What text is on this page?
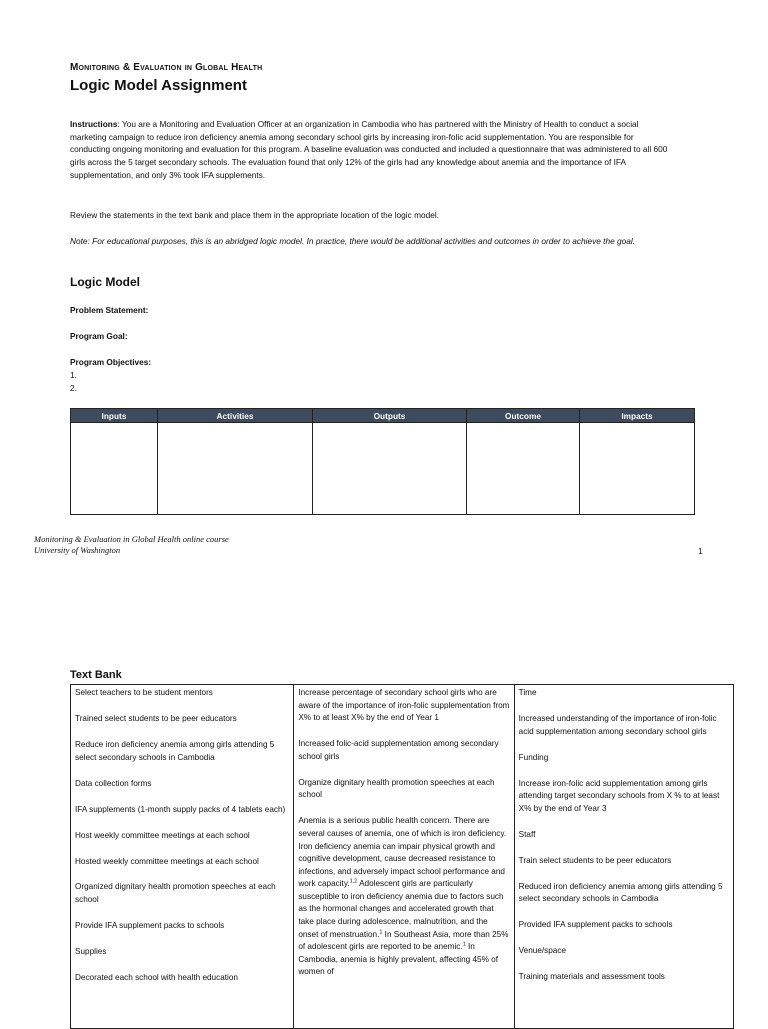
Monitoring & Evaluation in Global Health
Logic Model Assignment
Instructions: You are a Monitoring and Evaluation Officer at an organization in Cambodia who has partnered with the Ministry of Health to conduct a social marketing campaign to reduce iron deficiency anemia among secondary school girls by increasing iron-folic acid supplementation. You are responsible for conducting ongoing monitoring and evaluation for this program. A baseline evaluation was conducted and included a questionnaire that was administered to all 600 girls across the 5 target secondary schools. The evaluation found that only 12% of the girls had any knowledge about anemia and the importance of IFA supplementation, and only 3% took IFA supplements.
Review the statements in the text bank and place them in the appropriate location of the logic model.
Note: For educational purposes, this is an abridged logic model. In practice, there would be additional activities and outcomes in order to achieve the goal.
Logic Model
Problem Statement:
Program Goal:
Program Objectives:
1.
2.
Inputs	Activities	Outputs	Outcome	Impacts

Monitoring & Evaluation in Global Health online course
University of Washington	1
Text Bank
Select teachers to be student mentors
Trained select students to be peer educators
Reduce iron deficiency anemia among girls attending 5 select secondary schools in Cambodia
Data collection forms
IFA supplements (1-month supply packs of 4 tablets each)
Host weekly committee meetings at each school
Hosted weekly committee meetings at each school
Organized dignitary health promotion speeches at each school
Provide IFA supplement packs to schools
Supplies
Decorated each school with health education
Increase percentage of secondary school girls who are aware of the importance of iron-folic supplementation from X% to at least X% by the end of Year 1
Increased folic-acid supplementation among secondary school girls
Organize dignitary health promotion speeches at each school
Anemia is a serious public health concern. There are several causes of anemia, one of which is iron deficiency. Iron deficiency anemia can impair physical growth and cognitive development, cause decreased resistance to infections, and adversely impact school performance and work capacity.$^{1,2}$ Adolescent girls are particularly susceptible to iron deficiency anemia due to factors such as the hormonal changes and accelerated growth that take place during adolescence, malnutrition, and the onset of menstruation.$^1$ In Southeast Asia, more than 25% of adolescent girls are reported to be anemic.$^1$ In Cambodia, anemia is highly prevalent, affecting 45% of women of
Time
Increased understanding of the importance of iron-folic acid supplementation among secondary school girls
Funding
Increase iron-folic acid supplementation among girls attending target secondary schools from X % to at least X% by the end of Year 3
Staff
Train select students to be peer educators
Reduced iron deficiency anemia among girls attending 5 select secondary schools in Cambodia
Provided IFA supplement packs to schools
Venue/space
Training materials and assessment tools
